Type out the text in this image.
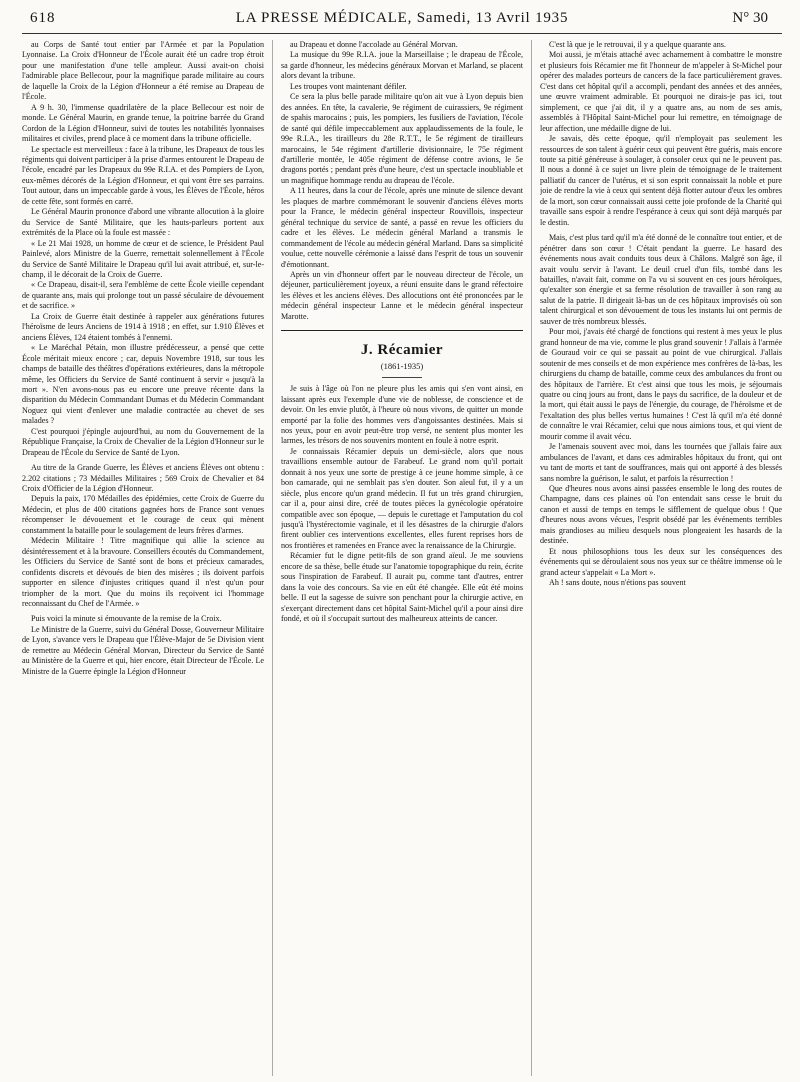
618	LA PRESSE MÉDICALE, Samedi, 13 Avril 1935	N° 30

au Corps de Santé tout entier par l'Armée et par la Population Lyonnaise. La Croix d'Honneur de l'École aurait été un cadre trop étroit pour une manifestation d'une telle ampleur. Aussi avait-on choisi l'admirable place Bellecour, pour la magnifique parade militaire au cours de laquelle la Croix de la Légion d'Honneur a été remise au Drapeau de l'École.

A 9 h. 30, l'immense quadrilatère de la place Bellecour est noir de monde. Le Général Maurin, en grande tenue, la poitrine barrée du Grand Cordon de la Légion d'Honneur, suivi de toutes les notabilités lyonnaises militaires et civiles, prend place à ce moment dans la tribune officielle.

Le spectacle est merveilleux : face à la tribune, les Drapeaux de tous les régiments qui doivent participer à la prise d'armes entourent le Drapeau de l'école, encadré par les Drapeaux du 99e R.I.A. et des Pompiers de Lyon, eux-mêmes décorés de la Légion d'Honneur, et qui vont être ses parrains. Tout autour, dans un impeccable garde à vous, les Élèves de l'École, héros de cette fête, sont formés en carré.

Le Général Maurin prononce d'abord une vibrante allocution à la gloire du Service de Santé Militaire, que les hauts-parleurs portent aux extrémités de la Place où la foule est massée :

« Le 21 Mai 1928, un homme de cœur et de science, le Président Paul Painlevé, alors Ministre de la Guerre, remettait solennellement à l'École du Service de Santé Militaire le Drapeau qu'il lui avait attribué, et, sur-le-champ, il le décorait de la Croix de Guerre.

« Ce Drapeau, disait-il, sera l'emblème de cette École vieille cependant de quarante ans, mais qui prolonge tout un passé séculaire de dévouement et de sacrifice. »

La Croix de Guerre était destinée à rappeler aux générations futures l'héroïsme de leurs Anciens de 1914 à 1918 ; en effet, sur 1.910 Élèves et anciens Élèves, 124 étaient tombés à l'ennemi.

« Le Maréchal Pétain, mon illustre prédécesseur, a pensé que cette École méritait mieux encore ; car, depuis Novembre 1918, sur tous les champs de bataille des théâtres d'opérations extérieures, dans la métropole même, les Officiers du Service de Santé continuent à servir « jusqu'à la mort ». N'en avons-nous pas eu encore une preuve récente dans la disparition du Médecin Commandant Dumas et du Médecin Commandant Noguez qui vient d'enlever une maladie contractée au chevet de ses malades ?

C'est pourquoi j'épingle aujourd'hui, au nom du Gouvernement de la République Française, la Croix de Chevalier de la Légion d'Honneur sur le Drapeau de l'École du Service de Santé de Lyon.

Au titre de la Grande Guerre, les Élèves et anciens Élèves ont obtenu : 2.202 citations ; 73 Médailles Militaires ; 569 Croix de Chevalier et 84 Croix d'Officier de la Légion d'Honneur.

Depuis la paix, 170 Médailles des épidémies, cette Croix de Guerre du Médecin, et plus de 400 citations gagnées hors de France sont venues récompenser le dévouement et le courage de ceux qui mènent constamment la bataille pour le soulagement de leurs frères d'armes.

Médecin Militaire ! Titre magnifique qui allie la science au désintéressement et à la bravoure. Conseillers écoutés du Commandement, les Officiers du Service de Santé sont de bons et précieux camarades, confidents discrets et dévoués de bien des misères ; ils doivent parfois supporter en silence d'injustes critiques quand il n'est qu'un pour triompher de la mort. Que du moins ils reçoivent ici l'hommage reconnaissant du Chef de l'Armée. »

Puis voici la minute si émouvante de la remise de la Croix.

Le Ministre de la Guerre, suivi du Général Dosse, Gouverneur Militaire de Lyon, s'avance vers le Drapeau que l'Élève-Major de 5e Division vient de remettre au Médecin Général Morvan, Directeur du Service de Santé au Ministère de la Guerre et qui, hier encore, était Directeur de l'École. Le Ministre de la Guerre épingle la Légion d'Honneur

au Drapeau et donne l'accolade au Général Morvan.

La musique du 99e R.I.A. joue la Marseillaise ; le drapeau de l'École, sa garde d'honneur, les médecins généraux Morvan et Marland, se placent alors devant la tribune.

Les troupes vont maintenant défiler.

Ce sera la plus belle parade militaire qu'on ait vue à Lyon depuis bien des années. En tête, la cavalerie, 9e régiment de cuirassiers, 9e régiment de spahis marocains ; puis, les pompiers, les fusiliers de l'aviation, l'école de santé qui défile impeccablement aux applaudissements de la foule, le 99e R.I.A., les tirailleurs du 28e R.T.T., le 5e régiment de tirailleurs marocains, le 54e régiment d'artillerie divisionnaire, le 75e régiment d'artillerie montée, le 405e régiment de défense contre avions, le 5e dragons portés ; pendant près d'une heure, c'est un spectacle inoubliable et un magnifique hommage rendu au drapeau de l'école.

A 11 heures, dans la cour de l'école, après une minute de silence devant les plaques de marbre commémorant le souvenir d'anciens élèves morts pour la France, le médecin général inspecteur Rouvillois, inspecteur général technique du service de santé, a passé en revue les officiers du cadre et les élèves. Le médecin général Marland a transmis le commandement de l'école au médecin général Marland. Dans sa simplicité voulue, cette nouvelle cérémonie a laissé dans l'esprit de tous un souvenir d'émotionnant.

Après un vin d'honneur offert par le nouveau directeur de l'école, un déjeuner, particulièrement joyeux, a réuni ensuite dans le grand réfectoire les élèves et les anciens élèves. Des allocutions ont été prononcées par le médecin général inspecteur Lanne et le médecin général inspecteur Marotte.

J. Récamier
(1861-1935)

Je suis à l'âge où l'on ne pleure plus les amis qui s'en vont ainsi, en laissant après eux l'exemple d'une vie de noblesse, de conscience et de devoir. On les envie plutôt, à l'heure où nous vivons, de quitter un monde emporté par la folie des hommes vers d'angoissantes destinées. Mais si nos yeux, pour en avoir peut-être trop versé, ne sentent plus monter les larmes, les trésors de nos souvenirs montent en foule à notre esprit.

Je connaissais Récamier depuis un demi-siècle, alors que nous travaillions ensemble autour de Farabeuf. Le grand nom qu'il portait donnait à nos yeux une sorte de prestige à ce jeune homme simple, à ce bon camarade, qui ne semblait pas s'en douter. Son aïeul fut, il y a un siècle, plus encore qu'un grand médecin. Il fut un très grand chirurgien, car il a, pour ainsi dire, créé de toutes pièces la gynécologie opératoire compatible avec son époque, — depuis le curettage et l'amputation du col jusqu'à l'hystérectomie vaginale, et il les désastres de la chirurgie d'alors firent oublier ces interventions excellentes, elles furent reprises hors de nos frontières et ramenées en France avec la renaissance de la Chirurgie.

Récamier fut le digne petit-fils de son grand aïeul. Je me souviens encore de sa thèse, belle étude sur l'anatomie topographique du rein, écrite sous l'inspiration de Farabeuf. Il aurait pu, comme tant d'autres, entrer dans la voie des concours. Sa vie en eût été changée. Elle eût été moins belle. Il eut la sagesse de suivre son penchant pour la chirurgie active, en s'exerçant directement dans cet hôpital Saint-Michel qu'il a pour ainsi dire fondé, et où il s'occupait surtout des malheureux atteints de cancer.

C'est là que je le retrouvai, il y a quelque quarante ans.

Moi aussi, je m'étais attaché avec acharnement à combattre le monstre et plusieurs fois Récamier me fit l'honneur de m'appeler à St-Michel pour opérer des malades porteurs de cancers de la face particulièrement graves. C'est dans cet hôpital qu'il a accompli, pendant des années et des années, une œuvre vraiment admirable. Et pourquoi ne dirais-je pas ici, tout simplement, ce que j'ai dit, il y a quatre ans, au nom de ses amis, assemblés à l'Hôpital Saint-Michel pour lui remettre, en témoignage de leur affection, une médaille digne de lui.

Je savais, dès cette époque, qu'il n'employait pas seulement les ressources de son talent à guérir ceux qui peuvent être guéris, mais encore toute sa pitié généreuse à soulager, à consoler ceux qui ne le peuvent pas. Il nous a donné à ce sujet un livre plein de témoignage de le traitement palliatif du cancer de l'utérus, et si son esprit connaissait la noble et pure joie de rendre la vie à ceux qui sentent déjà flotter autour d'eux les ombres de la mort, son cœur connaissait aussi cette joie profonde de la Charité qui travaille sans espoir à rendre l'espérance à ceux qui sont déjà marqués par le destin.

Mais, c'est plus tard qu'il m'a été donné de le connaître tout entier, et de pénétrer dans son cœur ! C'était pendant la guerre. Le hasard des événements nous avait conduits tous deux à Châlons. Malgré son âge, il avait voulu servir à l'avant. Le deuil cruel d'un fils, tombé dans les batailles, n'avait fait, comme on l'a vu si souvent en ces jours héroïques, qu'exalter son énergie et sa ferme résolution de travailler à son rang au salut de la patrie. Il dirigeait là-bas un de ces hôpitaux improvisés où son talent chirurgical et son dévouement de tous les instants lui ont permis de sauver de très nombreux blessés.

Pour moi, j'avais été chargé de fonctions qui restent à mes yeux le plus grand honneur de ma vie, comme le plus grand souvenir ! J'allais à l'armée de Gouraud voir ce qui se passait au point de vue chirurgical. J'allais soutenir de mes conseils et de mon expérience mes confrères de là-bas, les chirurgiens du champ de bataille, comme ceux des ambulances du front ou des hôpitaux de l'arrière. Et c'est ainsi que tous les mois, je séjournais quatre ou cinq jours au front, dans le pays du sacrifice, de la douleur et de la mort, qui était aussi le pays de l'énergie, du courage, de l'héroïsme et de l'exaltation des plus belles vertus humaines ! C'est là qu'il m'a été donné de connaître le vrai Récamier, celui que nous aimions tous, et qui vient de mourir comme il avait vécu.

Je l'amenais souvent avec moi, dans les tournées que j'allais faire aux ambulances de l'avant, et dans ces admirables hôpitaux du front, qui ont vu tant de morts et tant de souffrances, mais qui ont apporté à des blessés sans nombre la guérison, le salut, et parfois la résurrection !

Que d'heures nous avons ainsi passées ensemble le long des routes de Champagne, dans ces plaines où l'on entendait sans cesse le bruit du canon et aussi de temps en temps le sifflement de quelque obus ! Que d'heures nous avons vécues, l'esprit obsédé par les événements terribles mais grandioses au milieu desquels nous plongeaient les hasards de la destinée.

Et nous philosophions tous les deux sur les conséquences des événements qui se déroulaient sous nos yeux sur ce théâtre immense où le grand acteur s'appelait « La Mort ».

Ah ! sans doute, nous n'étions pas souvent
